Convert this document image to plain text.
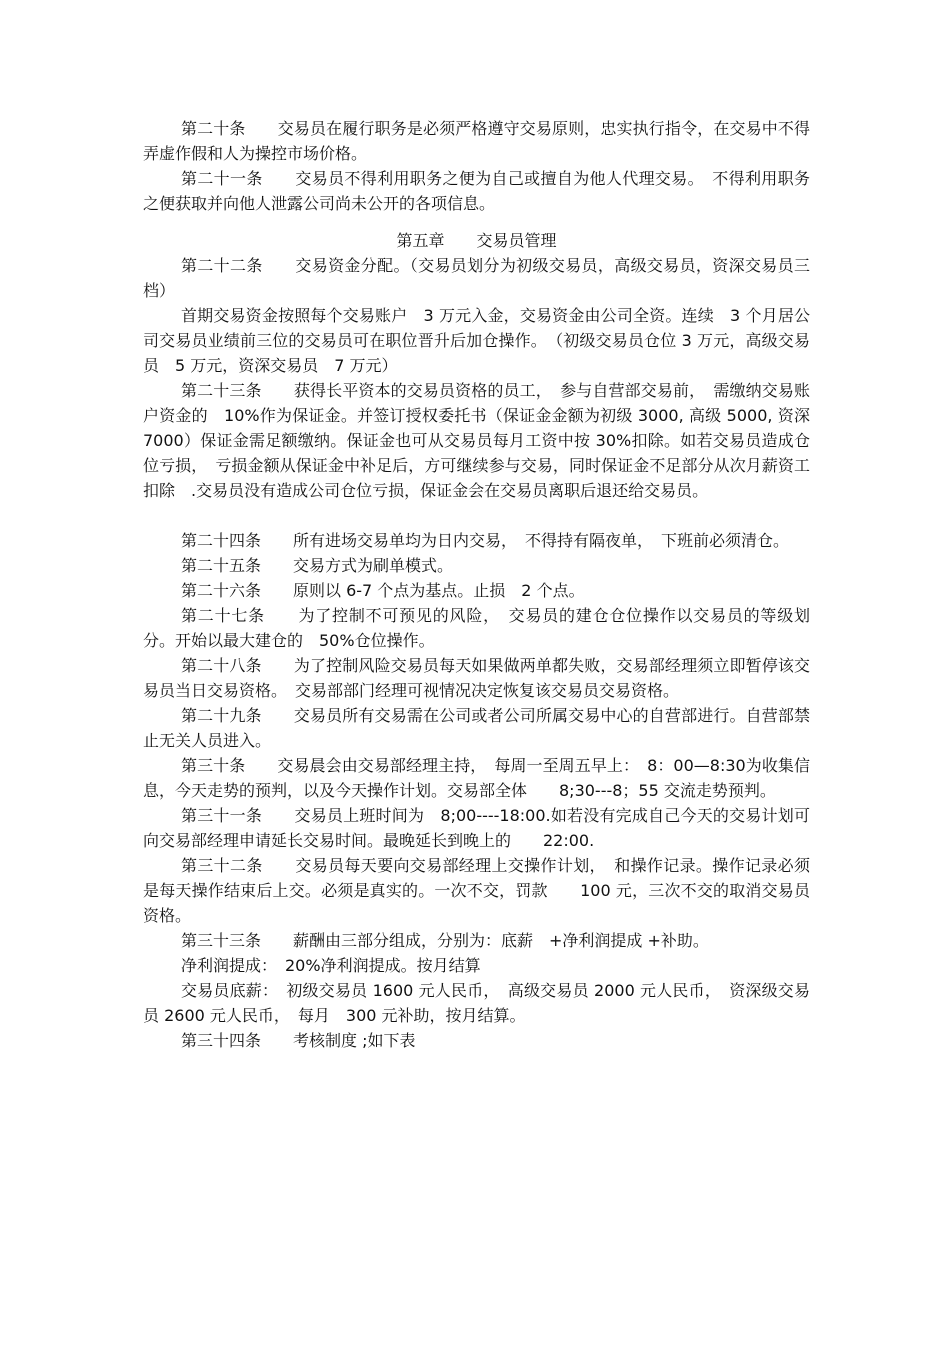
第二十条　　交易员在履行职务是必须严格遵守交易原则，忠实执行指令，在交易中不得弄虚作假和人为操控市场价格。

第二十一条　　交易员不得利用职务之便为自己或擅自为他人代理交易。　不得利用职务之便获取并向他人泄露公司尚未公开的各项信息。

第五章　　交易员管理

第二十二条　　交易资金分配。（交易员划分为初级交易员，高级交易员，资深交易员三档）

首期交易资金按照每个交易账户　3 万元入金，交易资金由公司全资。连续　3 个月居公司交易员业绩前三位的交易员可在职位晋升后加仓操作。　（初级交易员仓位 3 万元，高级交易员　5 万元，资深交易员　7 万元）

第二十三条　　获得长平资本的交易员资格的员工，　参与自营部交易前，　需缴纳交易账户资金的　10%作为保证金。并签订授权委托书（保证金金额为初级 3000, 高级 5000, 资深 7000）保证金需足额缴纳。保证金也可从交易员每月工资中按 30%扣除。如若交易员造成仓位亏损，　亏损金额从保证金中补足后，方可继续参与交易，同时保证金不足部分从次月薪资工扣除　.交易员没有造成公司仓位亏损，保证金会在交易员离职后退还给交易员。

第二十四条　　所有进场交易单均为日内交易，　不得持有隔夜单，　下班前必须清仓。

第二十五条　　交易方式为刷单模式。

第二十六条　　原则以 6-7 个点为基点。止损　2 个点。

第二十七条　　为了控制不可预见的风险，　交易员的建仓仓位操作以交易员的等级划分。开始以最大建仓的　50%仓位操作。

第二十八条　　为了控制风险交易员每天如果做两单都失败，交易部经理须立即暂停该交易员当日交易资格。　交易部部门经理可视情况决定恢复该交易员交易资格。

第二十九条　　交易员所有交易需在公司或者公司所属交易中心的自营部进行。自营部禁止无关人员进入。

第三十条　　交易晨会由交易部经理主持，　每周一至周五早上：　8：00—8:30为收集信息，今天走势的预判，以及今天操作计划。交易部全体　　8;30---8；55 交流走势预判。

第三十一条　　交易员上班时间为　8;00----18:00.如若没有完成自己今天的交易计划可向交易部经理申请延长交易时间。最晚延长到晚上的　　22:00.

第三十二条　　交易员每天要向交易部经理上交操作计划，　和操作记录。操作记录必须是每天操作结束后上交。必须是真实的。一次不交，罚款　　100 元，三次不交的取消交易员资格。

第三十三条　　薪酬由三部分组成，分别为：底薪　+净利润提成 +补助。

净利润提成：　20%净利润提成。按月结算

交易员底薪：　初级交易员 1600 元人民币，　高级交易员 2000 元人民币，　资深级交易员 2600 元人民币，　每月　300 元补助，按月结算。

第三十四条　　考核制度 ;如下表
